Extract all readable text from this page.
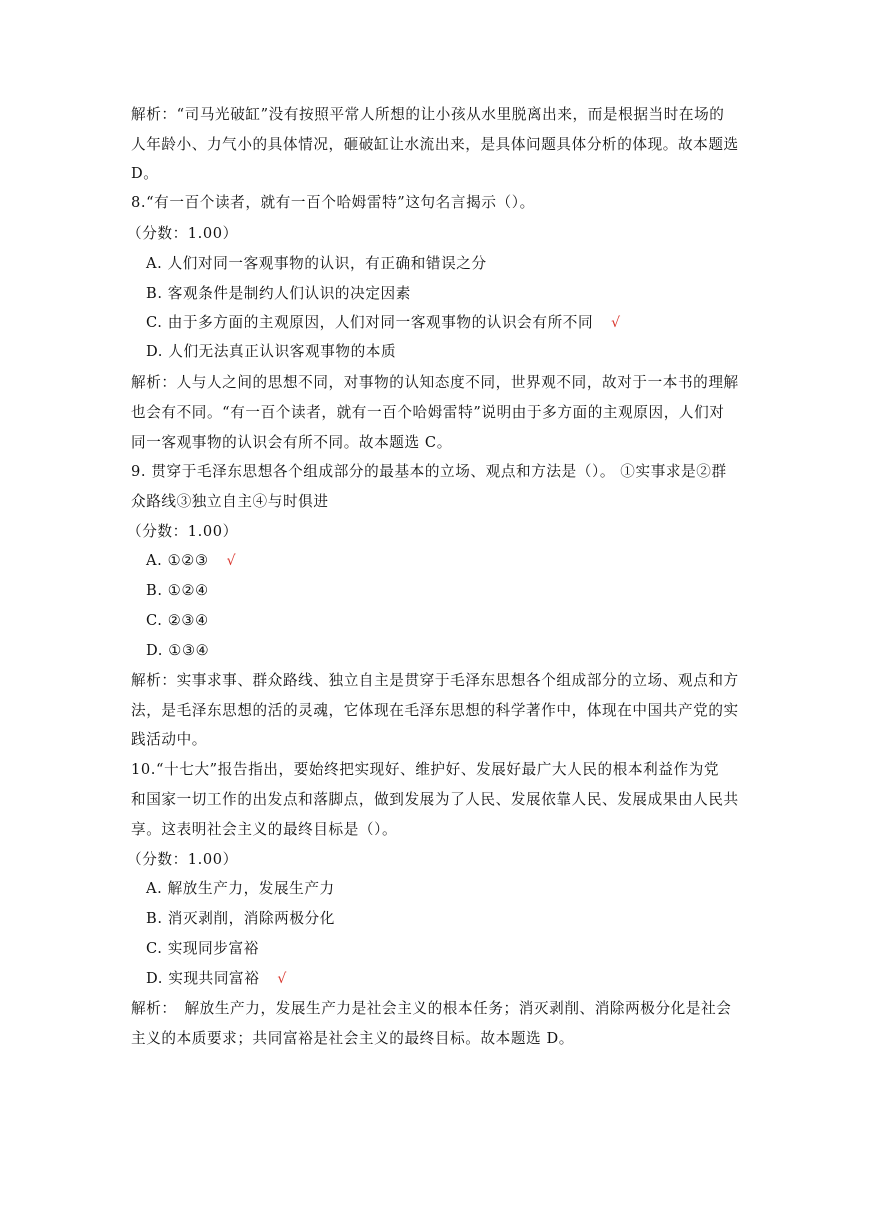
解析：“司马光破缸”没有按照平常人所想的让小孩从水里脱离出来，而是根据当时在场的
人年龄小、力气小的具体情况，砸破缸让水流出来，是具体问题具体分析的体现。故本题选
D。
8.“有一百个读者，就有一百个哈姆雷特”这句名言揭示（）。
（分数：1.00）
A. 人们对同一客观事物的认识，有正确和错误之分
B. 客观条件是制约人们认识的决定因素
C. 由于多方面的主观原因，人们对同一客观事物的认识会有所不同 √
D. 人们无法真正认识客观事物的本质
解析：人与人之间的思想不同，对事物的认知态度不同，世界观不同，故对于一本书的理解
也会有不同。“有一百个读者，就有一百个哈姆雷特”说明由于多方面的主观原因，人们对
同一客观事物的认识会有所不同。故本题选 C。
9. 贯穿于毛泽东思想各个组成部分的最基本的立场、观点和方法是（）。 ①实事求是②群
众路线③独立自主④与时俱进
（分数：1.00）
A. ①②③ √
B. ①②④
C. ②③④
D. ①③④
解析：实事求事、群众路线、独立自主是贯穿于毛泽东思想各个组成部分的立场、观点和方
法，是毛泽东思想的活的灵魂，它体现在毛泽东思想的科学著作中，体现在中国共产党的实
践活动中。
10.“十七大”报告指出，要始终把实现好、维护好、发展好最广大人民的根本利益作为党
和国家一切工作的出发点和落脚点，做到发展为了人民、发展依靠人民、发展成果由人民共
享。这表明社会主义的最终目标是（）。
（分数：1.00）
A. 解放生产力，发展生产力
B. 消灭剥削，消除两极分化
C. 实现同步富裕
D. 实现共同富裕 √
解析：　解放生产力，发展生产力是社会主义的根本任务；消灭剥削、消除两极分化是社会
主义的本质要求；共同富裕是社会主义的最终目标。故本题选 D。
